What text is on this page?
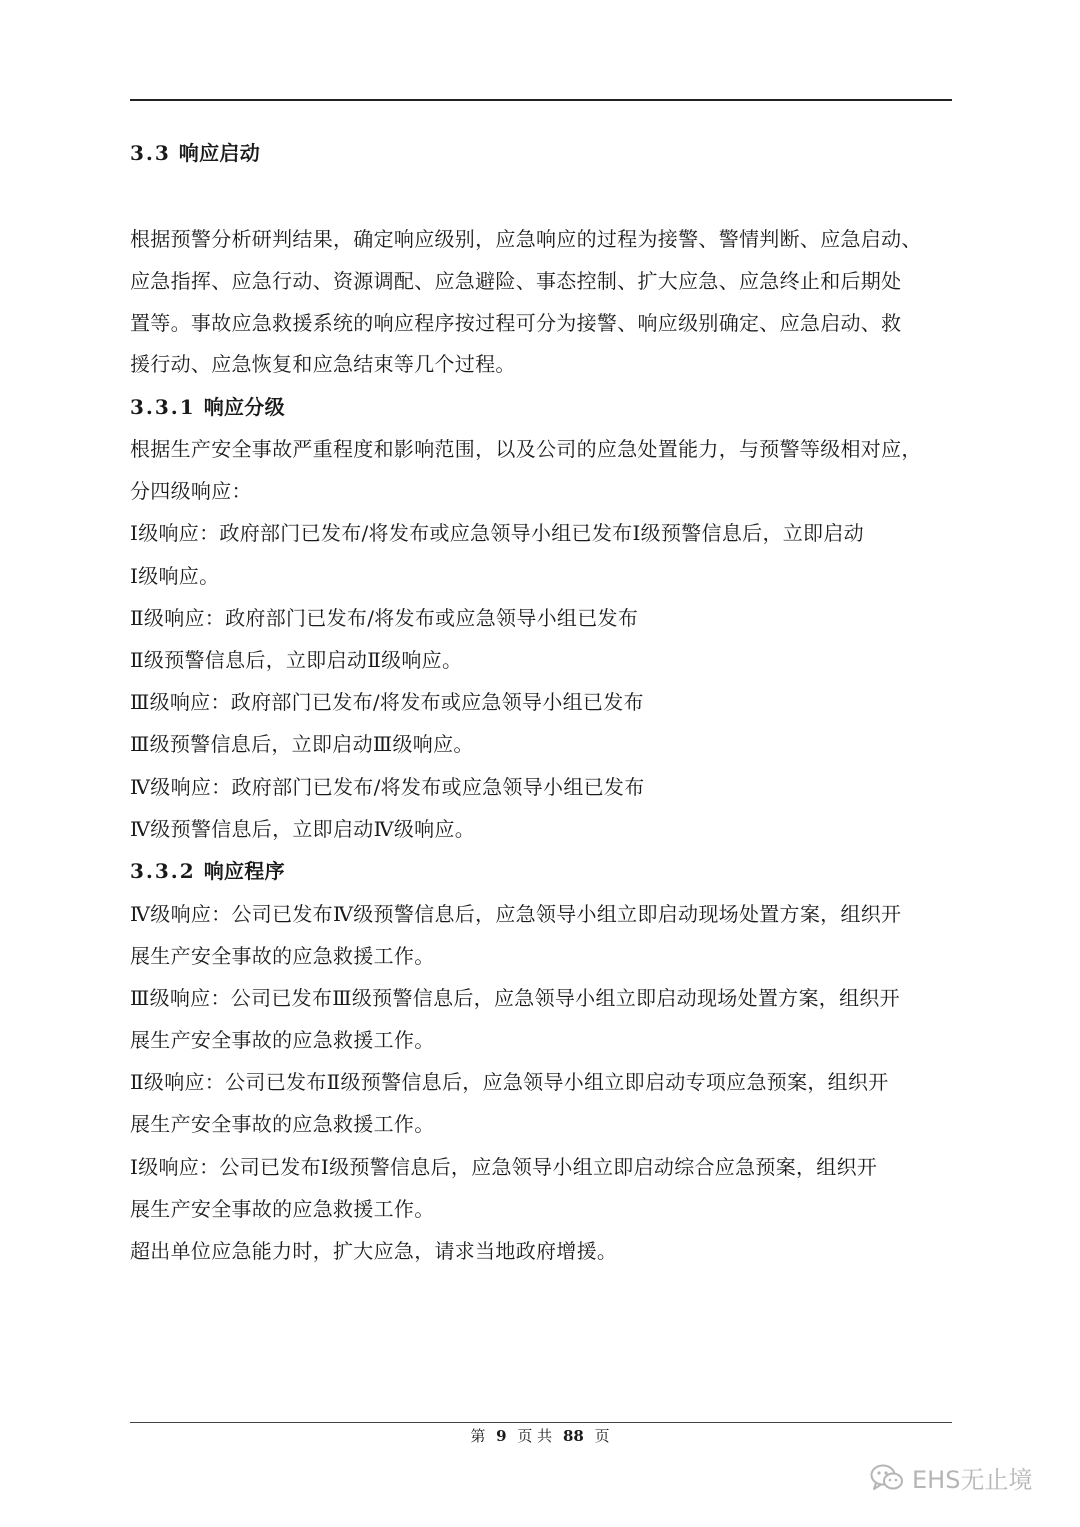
3.3 响应启动
根据预警分析研判结果，确定响应级别，应急响应的过程为接警、警情判断、应急启动、
应急指挥、应急行动、资源调配、应急避险、事态控制、扩大应急、应急终止和后期处
置等。事故应急救援系统的响应程序按过程可分为接警、响应级别确定、应急启动、救
援行动、应急恢复和应急结束等几个过程。
3.3.1 响应分级
根据生产安全事故严重程度和影响范围，以及公司的应急处置能力，与预警等级相对应，
分四级响应：
Ⅰ级响应：政府部门已发布/将发布或应急领导小组已发布Ⅰ级预警信息后，立即启动
Ⅰ级响应。
Ⅱ级响应：政府部门已发布/将发布或应急领导小组已发布
Ⅱ级预警信息后，立即启动Ⅱ级响应。
Ⅲ级响应：政府部门已发布/将发布或应急领导小组已发布
Ⅲ级预警信息后，立即启动Ⅲ级响应。
Ⅳ级响应：政府部门已发布/将发布或应急领导小组已发布
Ⅳ级预警信息后，立即启动Ⅳ级响应。
3.3.2 响应程序
Ⅳ级响应：公司已发布Ⅳ级预警信息后，应急领导小组立即启动现场处置方案，组织开
展生产安全事故的应急救援工作。
Ⅲ级响应：公司已发布Ⅲ级预警信息后，应急领导小组立即启动现场处置方案，组织开
展生产安全事故的应急救援工作。
Ⅱ级响应：公司已发布Ⅱ级预警信息后，应急领导小组立即启动专项应急预案，组织开
展生产安全事故的应急救援工作。
Ⅰ级响应：公司已发布Ⅰ级预警信息后，应急领导小组立即启动综合应急预案，组织开
展生产安全事故的应急救援工作。
超出单位应急能力时，扩大应急，请求当地政府增援。
第 9 页 共 88 页
EHS无止境
